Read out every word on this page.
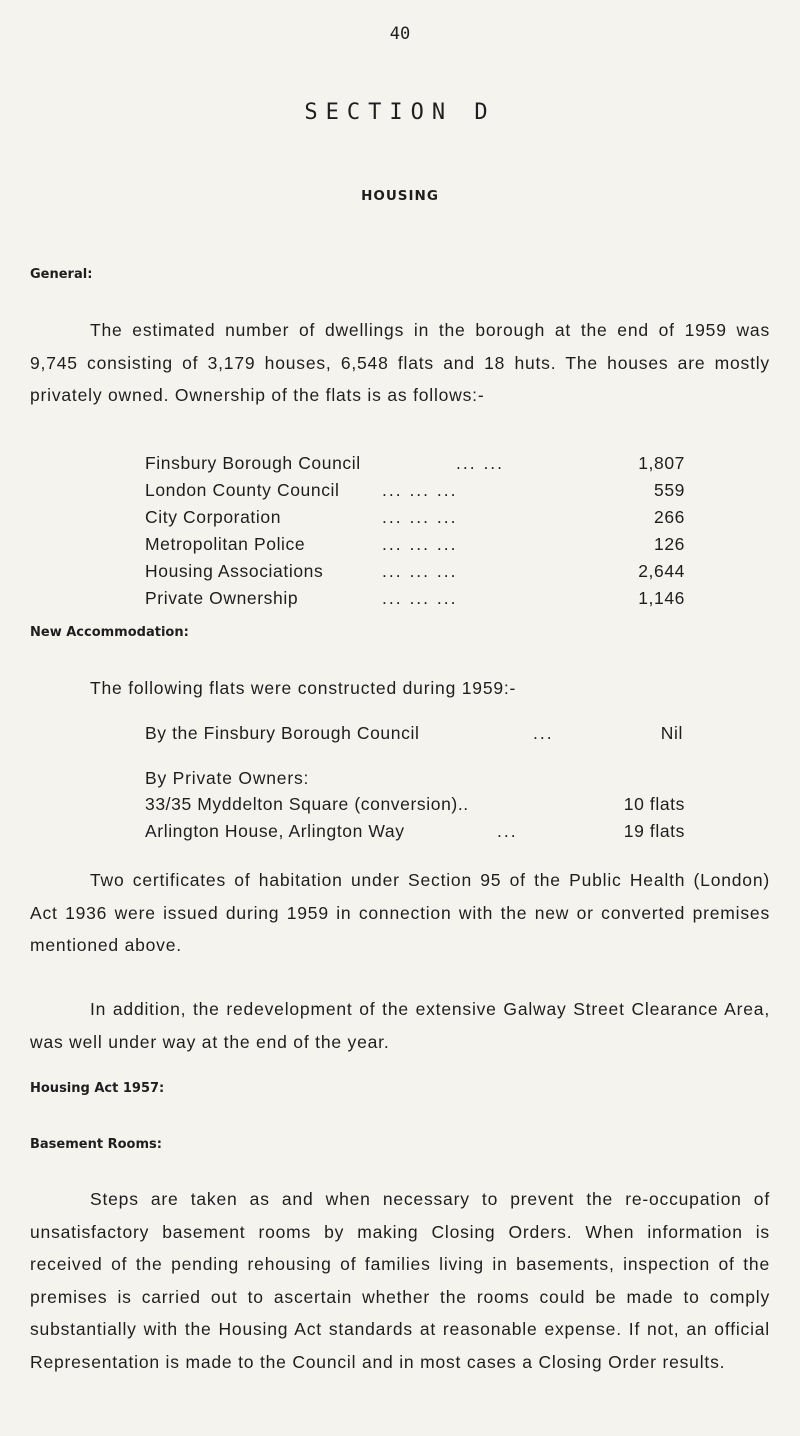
40
SECTION D
HOUSING
General:

The estimated number of dwellings in the borough at the end of 1959 was 9,745 consisting of 3,179 houses, 6,548 flats and 18 huts. The houses are mostly privately owned. Ownership of the flats is as follows:-

Finsbury Borough Council	... ...	1,807
London County Council ... ... ...	559
City Corporation	... ... ...	266
Metropolitan Police	... ... ...	126
Housing Associations	... ... ...	2,644
Private Ownership	... ... ...	1,146
New Accommodation:
The following flats were constructed during 1959:-
By the Finsbury Borough Council	...	Nil
By Private Owners:
33/35 Myddelton Square (conversion)..	10 flats
Arlington House, Arlington Way	...	19 flats

Two certificates of habitation under Section 95 of the Public Health (London) Act 1936 were issued during 1959 in connection with the new or converted premises mentioned above.

In addition, the redevelopment of the extensive Galway Street Clearance Area, was well under way at the end of the year.

Housing Act 1957:
Basement Rooms:

Steps are taken as and when necessary to prevent the re-occupation of unsatisfactory basement rooms by making Closing Orders. When information is received of the pending rehousing of families living in basements, inspection of the premises is carried out to ascertain whether the rooms could be made to comply substantially with the Housing Act standards at reasonable expense. If not, an official Representation is made to the Council and in most cases a Closing Order results.
